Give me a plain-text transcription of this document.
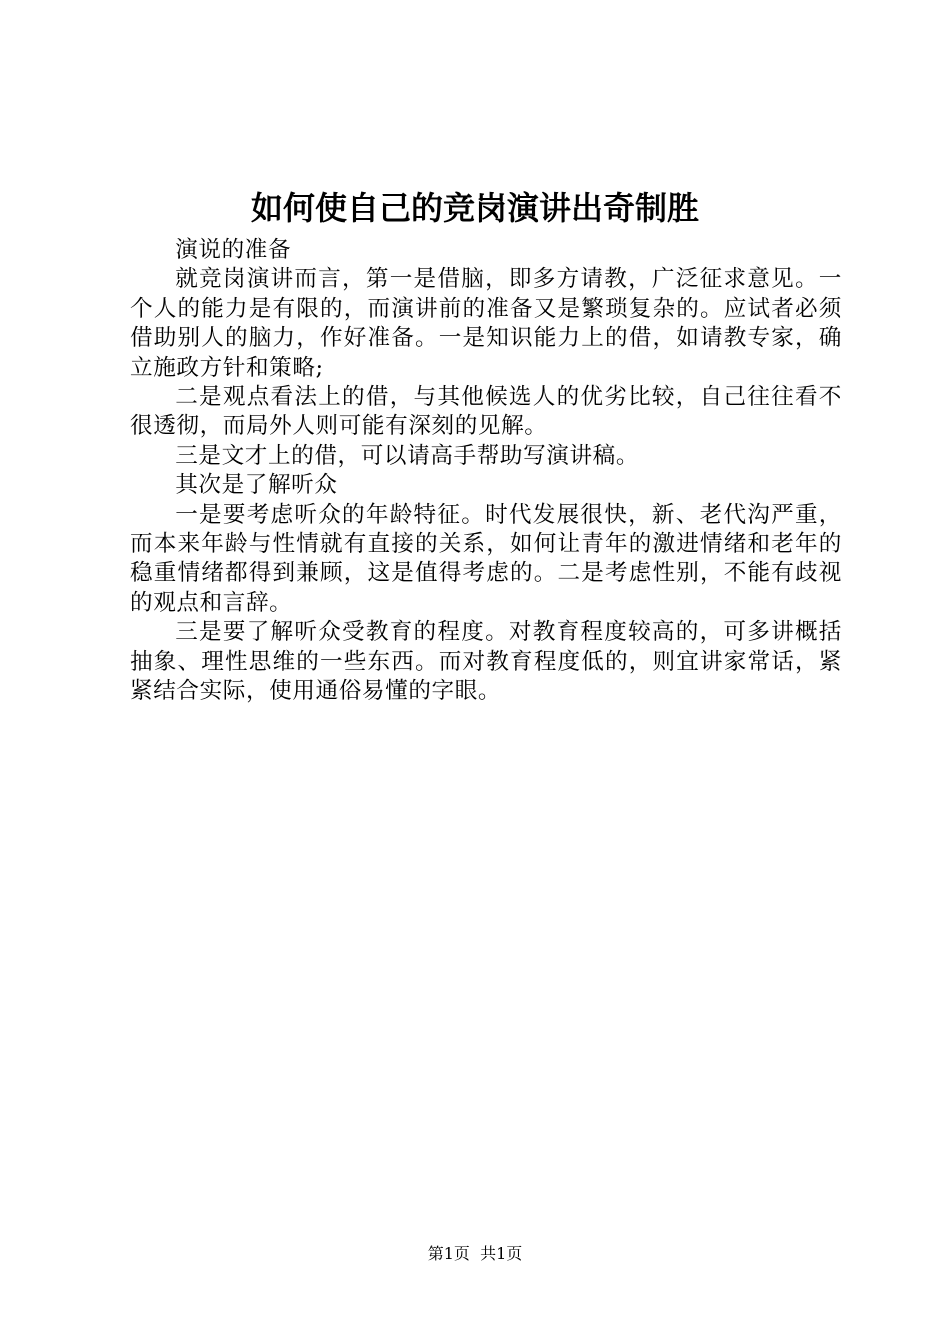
如何使自己的竞岗演讲出奇制胜

演说的准备

就竞岗演讲而言，第一是借脑，即多方请教，广泛征求意见。一个人的能力是有限的，而演讲前的准备又是繁琐复杂的。应试者必须借助别人的脑力，作好准备。一是知识能力上的借，如请教专家，确立施政方针和策略;

二是观点看法上的借，与其他候选人的优劣比较，自己往往看不很透彻，而局外人则可能有深刻的见解。

三是文才上的借，可以请高手帮助写演讲稿。

其次是了解听众

一是要考虑听众的年龄特征。时代发展很快，新、老代沟严重，而本来年龄与性情就有直接的关系，如何让青年的激进情绪和老年的稳重情绪都得到兼顾，这是值得考虑的。二是考虑性别，不能有歧视的观点和言辞。

三是要了解听众受教育的程度。对教育程度较高的，可多讲概括抽象、理性思维的一些东西。而对教育程度低的，则宜讲家常话，紧紧结合实际，使用通俗易懂的字眼。

第1页  共1页
